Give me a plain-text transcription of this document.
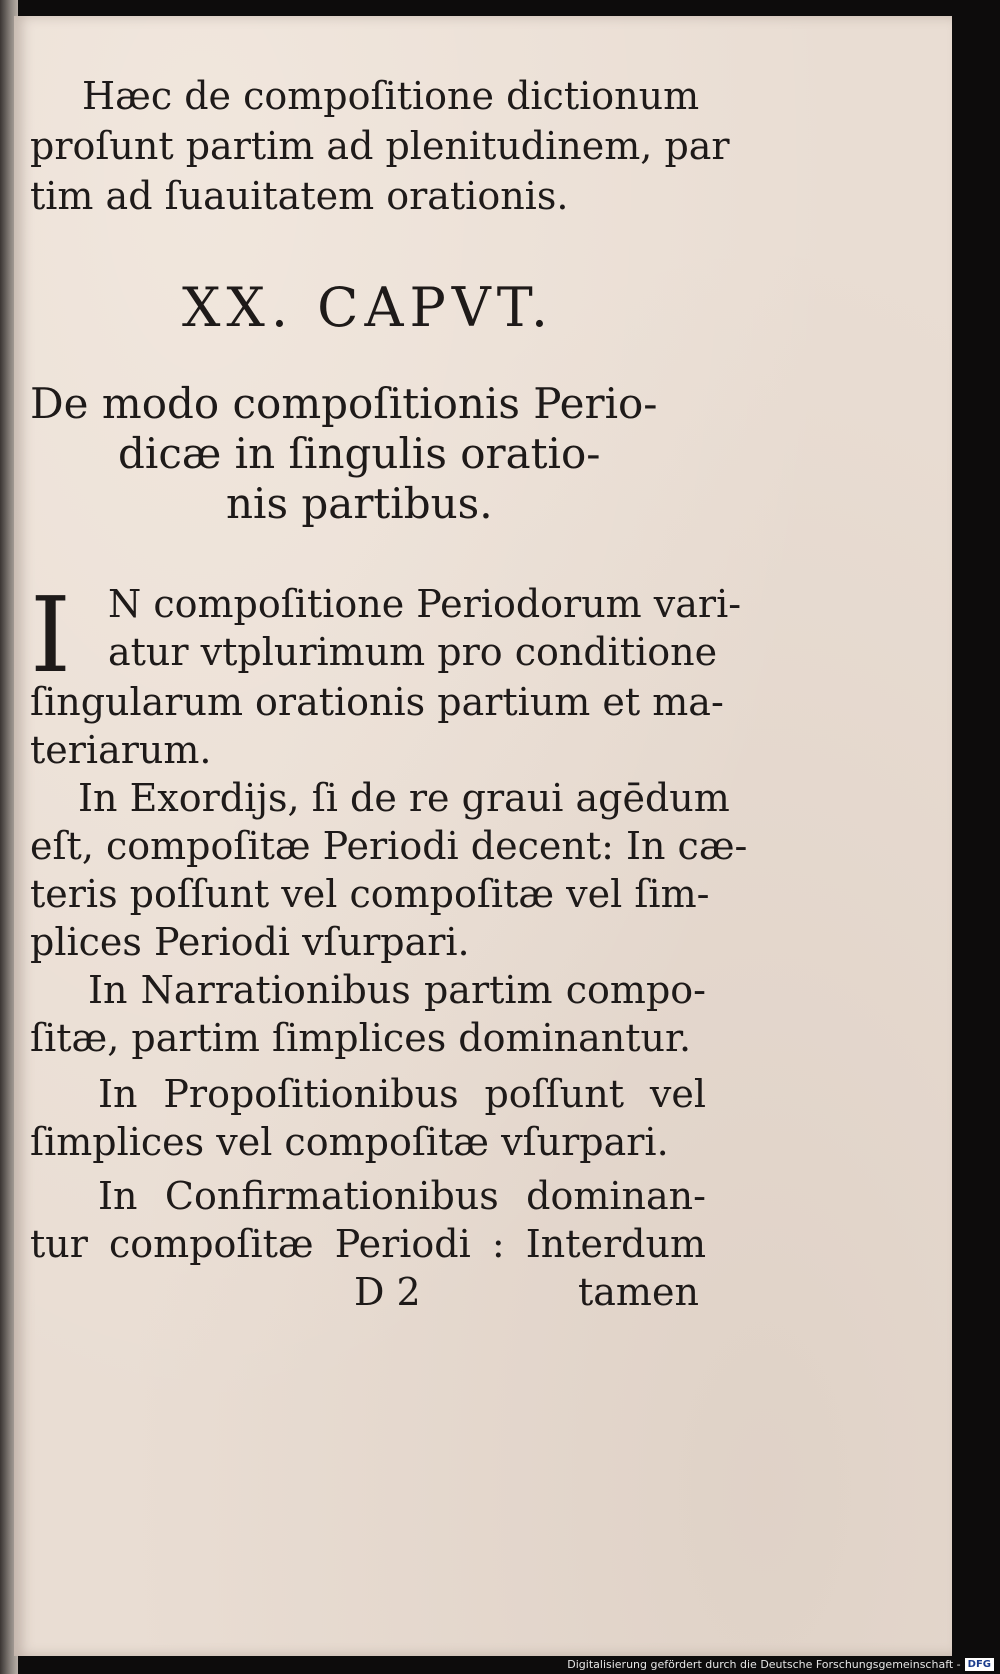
Hæc de compoſitione dictionum
proſunt partim ad plenitudinem, par
tim ad ſuauitatem orationis.
XX. CAPVT.
De modo compoſitionis Perio-
dicæ in ſingulis oratio-
nis partibus.
N compoſitione Periodorum vari-
atur vtplurimum pro conditione
ſingularum orationis partium et ma-
teriarum.
In Exordijs, ſi de re graui agēdum
eſt, compoſitæ Periodi decent: In cæ-
teris poſſunt vel compoſitæ vel ſim-
plices Periodi vſurpari.
In Narrationibus partim compo-
ſitæ, partim ſimplices dominantur.
In Propoſitionibus poſſunt vel
ſimplices vel compoſitæ vſurpari.
In Confirmationibus dominan-
tur compoſitæ Periodi : Interdum
D 2	tamen
I
Digitalisierung gefördert durch die Deutsche Forschungsgemeinschaft - DFG
